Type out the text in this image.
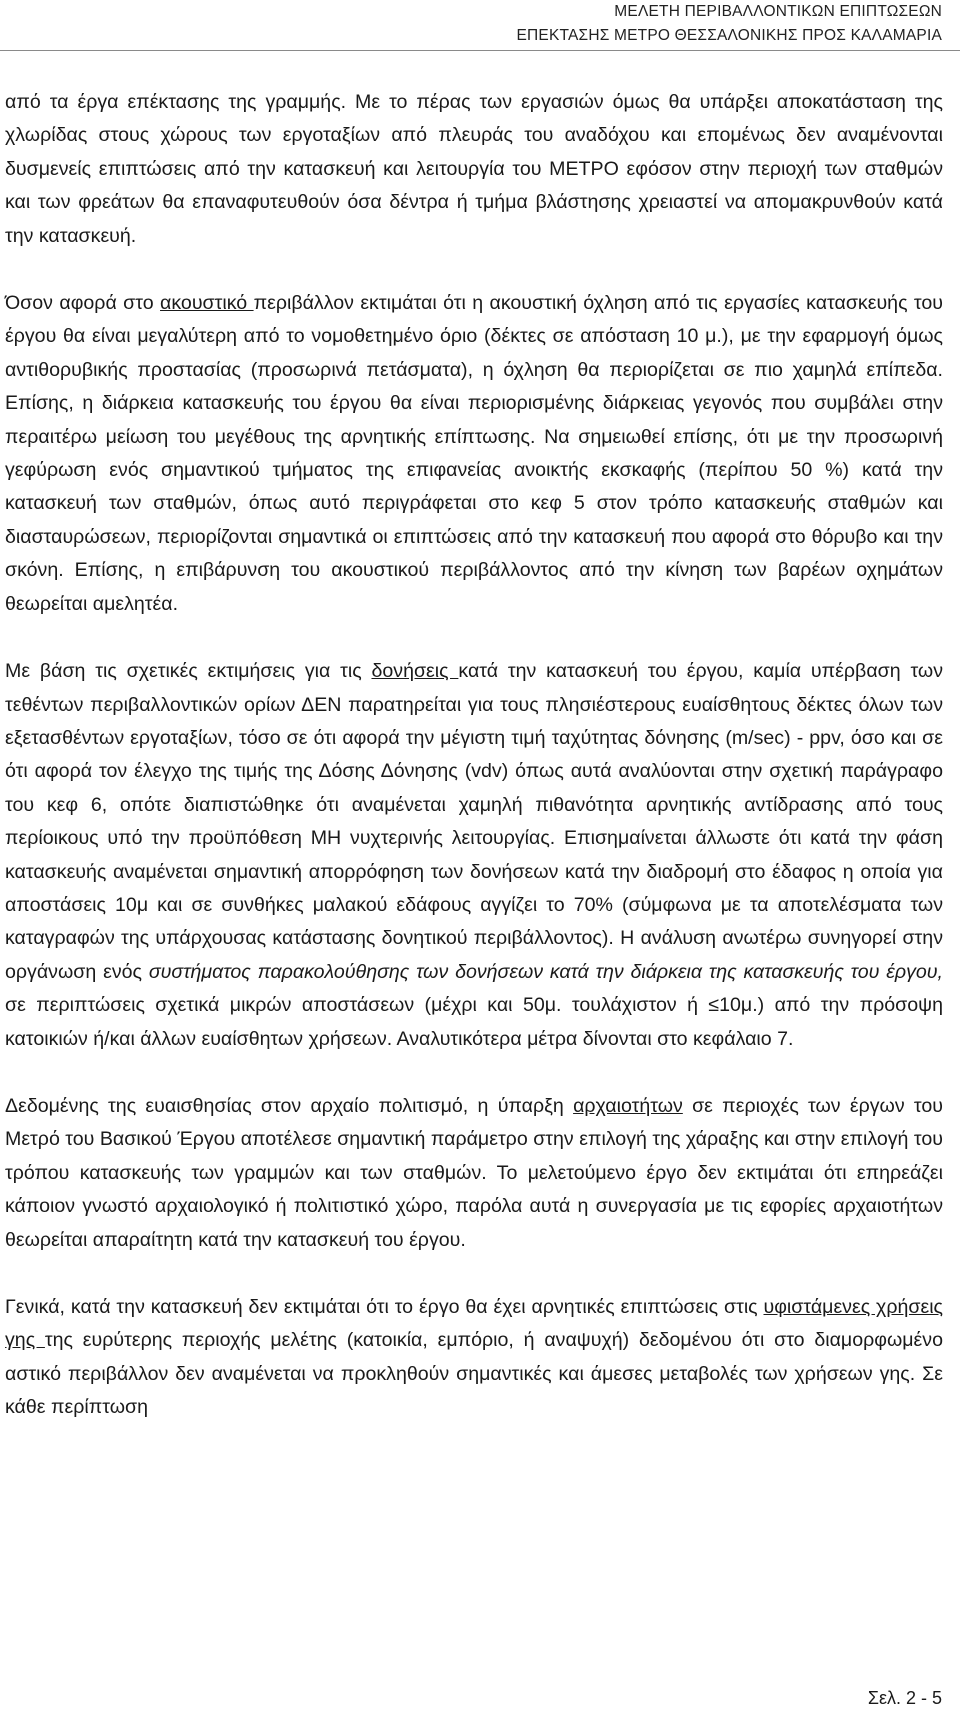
ΜΕΛΕΤΗ ΠΕΡΙΒΑΛΛΟΝΤΙΚΩΝ ΕΠΙΠΤΩΣΕΩΝ
ΕΠΕΚΤΑΣΗΣ ΜΕΤΡΟ ΘΕΣΣΑΛΟΝΙΚΗΣ ΠΡΟΣ ΚΑΛΑΜΑΡΙΑ

από τα έργα επέκτασης της γραμμής. Με το πέρας των εργασιών όμως θα υπάρξει αποκατάσταση της χλωρίδας στους χώρους των εργοταξίων από πλευράς του αναδόχου και επομένως δεν αναμένονται δυσμενείς επιπτώσεις από την κατασκευή και λειτουργία του ΜΕΤΡΟ εφόσον στην περιοχή των σταθμών και των φρεάτων θα επαναφυτευθούν όσα δέντρα ή τμήμα βλάστησης χρειαστεί να απομακρυνθούν κατά την κατασκευή.

Όσον αφορά στο ακουστικό περιβάλλον εκτιμάται ότι η ακουστική όχληση από τις εργασίες κατασκευής του έργου θα είναι μεγαλύτερη από το νομοθετημένο όριο (δέκτες σε απόσταση 10 μ.), με την εφαρμογή όμως αντιθορυβικής προστασίας (προσωρινά πετάσματα), η όχληση θα περιορίζεται σε πιο χαμηλά επίπεδα. Επίσης, η διάρκεια κατασκευής του έργου θα είναι περιορισμένης διάρκειας γεγονός που συμβάλει στην περαιτέρω μείωση του μεγέθους της αρνητικής επίπτωσης. Να σημειωθεί επίσης, ότι με την προσωρινή γεφύρωση ενός σημαντικού τμήματος της επιφανείας ανοικτής εκσκαφής (περίπου 50 %) κατά την κατασκευή των σταθμών, όπως αυτό περιγράφεται στο κεφ 5 στον τρόπο κατασκευής σταθμών και διασταυρώσεων, περιορίζονται σημαντικά οι επιπτώσεις από την κατασκευή που αφορά στο θόρυβο και την σκόνη. Επίσης, η επιβάρυνση του ακουστικού περιβάλλοντος από την κίνηση των βαρέων οχημάτων θεωρείται αμελητέα.

Με βάση τις σχετικές εκτιμήσεις για τις δονήσεις κατά την κατασκευή του έργου, καμία υπέρβαση των τεθέντων περιβαλλοντικών ορίων ΔΕΝ παρατηρείται για τους πλησιέστερους ευαίσθητους δέκτες όλων των εξετασθέντων εργοταξίων, τόσο σε ότι αφορά την μέγιστη τιμή ταχύτητας δόνησης (m/sec) - ppv, όσο και σε ότι αφορά τον έλεγχο της τιμής της Δόσης Δόνησης (vdv) όπως αυτά αναλύονται στην σχετική παράγραφο του κεφ 6, οπότε διαπιστώθηκε ότι αναμένεται χαμηλή πιθανότητα αρνητικής αντίδρασης από τους περίοικους υπό την προϋπόθεση ΜΗ νυχτερινής λειτουργίας. Επισημαίνεται άλλωστε ότι κατά την φάση κατασκευής αναμένεται σημαντική απορρόφηση των δονήσεων κατά την διαδρομή στο έδαφος η οποία για αποστάσεις 10μ και σε συνθήκες μαλακού εδάφους αγγίζει το 70% (σύμφωνα με τα αποτελέσματα των καταγραφών της υπάρχουσας κατάστασης δονητικού περιβάλλοντος). Η ανάλυση ανωτέρω συνηγορεί στην οργάνωση ενός συστήματος παρακολούθησης των δονήσεων κατά την διάρκεια της κατασκευής του έργου, σε περιπτώσεις σχετικά μικρών αποστάσεων (μέχρι και 50μ. τουλάχιστον ή ≤10μ.) από την πρόσοψη κατοικιών ή/και άλλων ευαίσθητων χρήσεων. Αναλυτικότερα μέτρα δίνονται στο κεφάλαιο 7.

Δεδομένης της ευαισθησίας στον αρχαίο πολιτισμό, η ύπαρξη αρχαιοτήτων σε περιοχές των έργων του Μετρό του Βασικού Έργου αποτέλεσε σημαντική παράμετρο στην επιλογή της χάραξης και στην επιλογή του τρόπου κατασκευής των γραμμών και των σταθμών. Το μελετούμενο έργο δεν εκτιμάται ότι επηρεάζει κάποιον γνωστό αρχαιολογικό ή πολιτιστικό χώρο, παρόλα αυτά η συνεργασία με τις εφορίες αρχαιοτήτων θεωρείται απαραίτητη κατά την κατασκευή του έργου.

Γενικά, κατά την κατασκευή δεν εκτιμάται ότι το έργο θα έχει αρνητικές επιπτώσεις στις υφιστάμενες χρήσεις γης της ευρύτερης περιοχής μελέτης (κατοικία, εμπόριο, ή αναψυχή) δεδομένου ότι στο διαμορφωμένο αστικό περιβάλλον δεν αναμένεται να προκληθούν σημαντικές και άμεσες μεταβολές των χρήσεων γης. Σε κάθε περίπτωση

Σελ. 2 - 5
